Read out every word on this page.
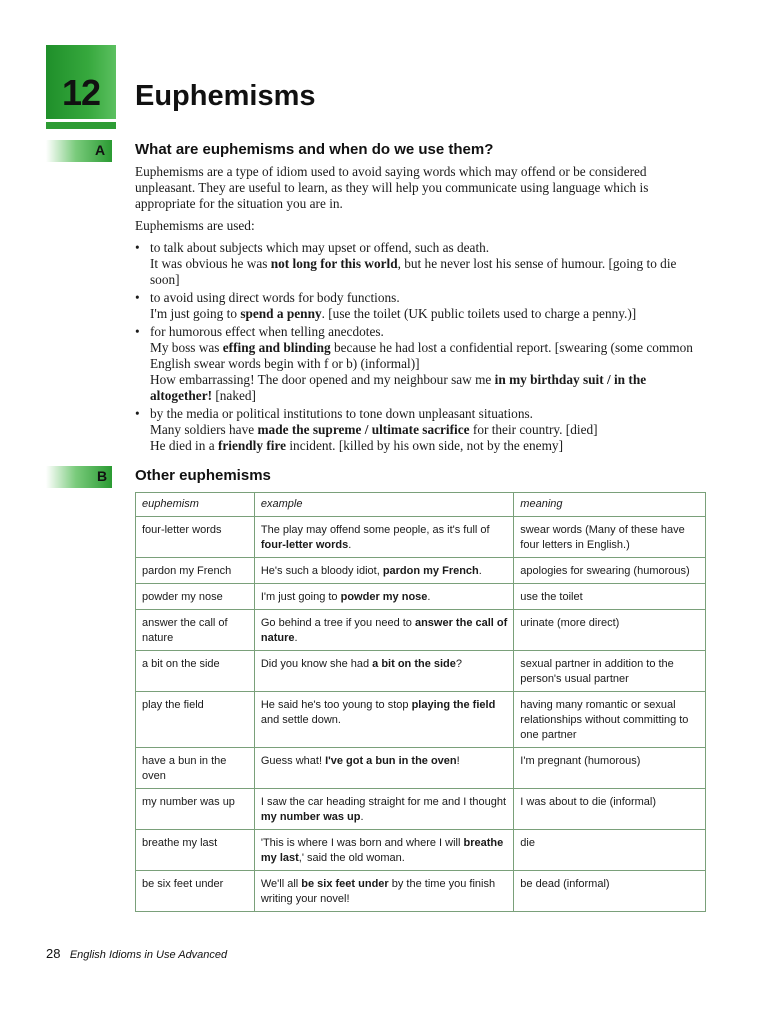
12	Euphemisms
A	What are euphemisms and when do we use them?

Euphemisms are a type of idiom used to avoid saying words which may offend or be considered unpleasant. They are useful to learn, as they will help you communicate using language which is appropriate for the situation you are in.

Euphemisms are used:

• to talk about subjects which may upset or offend, such as death.
It was obvious he was not long for this world, but he never lost his sense of humour. [going to die soon]
• to avoid using direct words for body functions.
I'm just going to spend a penny. [use the toilet (UK public toilets used to charge a penny.)]
• for humorous effect when telling anecdotes.
My boss was effing and blinding because he had lost a confidential report. [swearing (some common English swear words begin with f or b) (informal)]
How embarrassing! The door opened and my neighbour saw me in my birthday suit / in the altogether! [naked]
• by the media or political institutions to tone down unpleasant situations.
Many soldiers have made the supreme / ultimate sacrifice for their country. [died]
He died in a friendly fire incident. [killed by his own side, not by the enemy]
B	Other euphemisms
euphemism	example	meaning
four-letter words	The play may offend some people, as it's full of four-letter words.	swear words (Many of these have four letters in English.)
pardon my French	He's such a bloody idiot, pardon my French.	apologies for swearing (humorous)
powder my nose	I'm just going to powder my nose.	use the toilet
answer the call of nature	Go behind a tree if you need to answer the call of nature.	urinate (more direct)
a bit on the side	Did you know she had a bit on the side?	sexual partner in addition to the person's usual partner
play the field	He said he's too young to stop playing the field and settle down.	having many romantic or sexual relationships without committing to one partner
have a bun in the oven	Guess what! I've got a bun in the oven!	I'm pregnant (humorous)
my number was up	I saw the car heading straight for me and I thought my number was up.	I was about to die (informal)
breathe my last	'This is where I was born and where I will breathe my last,' said the old woman.	die
be six feet under	We'll all be six feet under by the time you finish writing your novel!	be dead (informal)
28 English Idioms in Use Advanced
